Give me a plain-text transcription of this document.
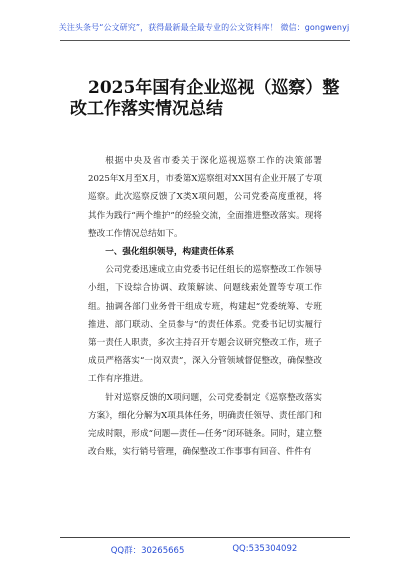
关注头条号“公文研究”，获得最新最全最专业的公文资料库！ 微信：gongwenyj
2025年国有企业巡视（巡察）整改工作落实情况总结

根据中央及省市委关于深化巡视巡察工作的决策部署2025年X月至X月，市委第X巡察组对XX国有企业开展了专项巡察。此次巡察反馈了X类X项问题，公司党委高度重视，将其作为践行“两个维护”的经验交流，全面推进整改落实。现将整改工作情况总结如下。

一、强化组织领导，构建责任体系

公司党委迅速成立由党委书记任组长的巡察整改工作领导小组，下设综合协调、政策解读、问题线索处置等专项工作组。抽调各部门业务骨干组成专班，构建起“党委统筹、专班推进、部门联动、全员参与”的责任体系。党委书记切实履行第一责任人职责，多次主持召开专题会议研究整改工作，班子成员严格落实“一岗双责”，深入分管领域督促整改，确保整改工作有序推进。

针对巡察反馈的X项问题，公司党委制定《巡察整改落实方案》，细化分解为X项具体任务，明确责任领导、责任部门和完成时限，形成“问题—责任—任务”闭环链条。同时，建立整改台账，实行销号管理，确保整改工作事事有回音、件件有

QQ群：30265665	QQ:535304092
